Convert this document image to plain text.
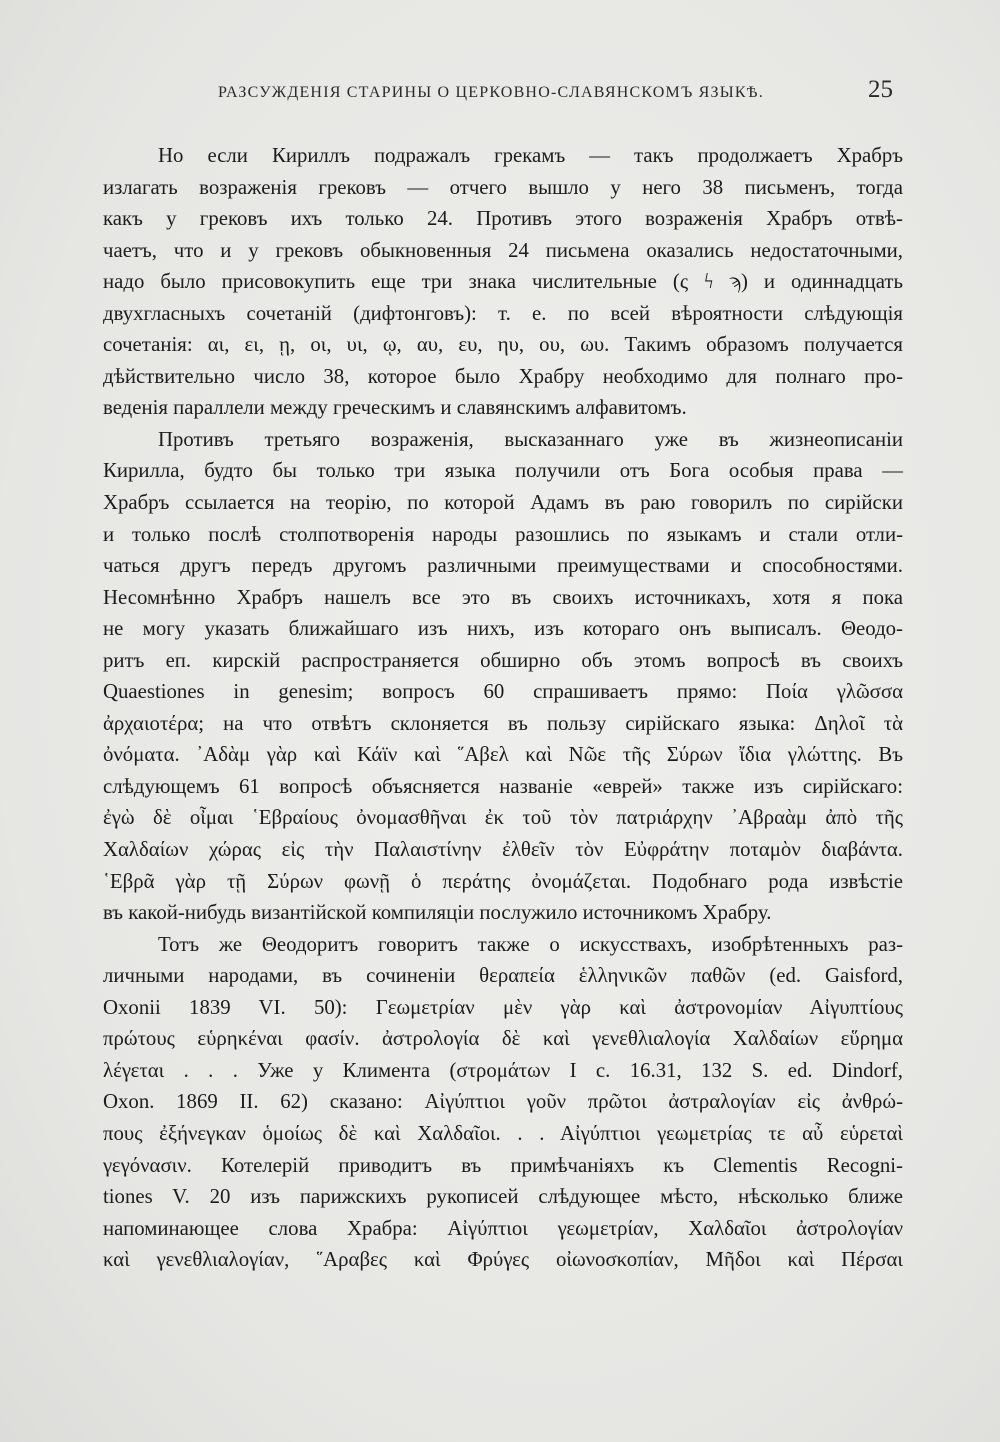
РАЗСУЖДЕНІЯ СТАРИНЫ О ЦЕРКОВНО-СЛАВЯНСКОМЪ ЯЗЫКѢ.	25
Но если Кириллъ подражалъ грекамъ — такъ продолжаетъ Храбръ
излагать возраженія грековъ — отчего вышло у него 38 письменъ, тогда
какъ у грековъ ихъ только 24. Противъ этого возраженія Храбръ отвѣ-
чаетъ, что и у грековъ обыкновенныя 24 письмена оказались недостаточными,
надо было присовокупить еще три знака числительные (ς ϟ ϡ) и одиннадцать
двухгласныхъ сочетаній (дифтонговъ): т. е. по всей вѣроятности слѣдующія
сочетанія: αι, ει, ῃ, οι, υι, ῳ, αυ, ευ, ηυ, ου, ωυ. Такимъ образомъ получается
дѣйствительно число 38, которое было Храбру необходимо для полнаго про-
веденія параллели между греческимъ и славянскимъ алфавитомъ.
Противъ третьяго возраженія, высказаннаго уже въ жизнеописаніи
Кирилла, будто бы только три языка получили отъ Бога особыя права —
Храбръ ссылается на теорію, по которой Адамъ въ раю говорилъ по сирійски
и только послѣ столпотворенія народы разошлись по языкамъ и стали отли-
чаться другъ передъ другомъ различными преимуществами и способностями.
Несомнѣнно Храбръ нашелъ все это въ своихъ источникахъ, хотя я пока
не могу указать ближайшаго изъ нихъ, изъ котораго онъ выписалъ. Θеодо-
ритъ еп. кирскій распространяется обширно объ этомъ вопросѣ въ своихъ
Quaestiones in genesim; вопросъ 60 спрашиваетъ прямо: Ποία γλῶσσα
ἀρχαιοτέρα; на что отвѣтъ склоняется въ пользу сирійскаго языка: Δηλοῖ τὰ
ὀνόματα. ᾿Αδὰμ γὰρ καὶ Κάϊν καὶ ῞Αβελ καὶ Νῶε τῆς Σύρων ἴδια γλώττης. Въ
слѣдующемъ 61 вопросѣ объясняется названіе «еврей» также изъ сирійскаго:
ἐγὼ δὲ οἶμαι ῾Εβραίους ὀνομασθῆναι ἐκ τοῦ τὸν πατριάρχην ᾿Αβραὰμ ἀπὸ τῆς
Χαλδαίων χώρας εἰς τὴν Παλαιστίνην ἐλθεῖν τὸν Εὐφράτην ποταμὸν διαβάντα.
῾Εβρᾶ γὰρ τῇ Σύρων φωνῇ ὁ περάτης ὀνομάζεται. Подобнаго рода извѣстіе
въ какой-нибудь византійской компиляціи послужило источникомъ Храбру.
Тотъ же Θеодоритъ говоритъ также о искусствахъ, изобрѣтенныхъ раз-
личными народами, въ сочиненіи θεραπεία ἑλληνικῶν παθῶν (ed. Gaisford,
Oxonii 1839 VI. 50): Γεωμετρίαν μὲν γὰρ καὶ ἀστρονομίαν Αἰγυπτίους
πρώτους εὑρηκέναι φασίν. ἀστρολογία δὲ καὶ γενεθλιαλογία Χαλδαίων εὕρημα
λέγεται . . . Уже у Климента (στρομάτων I c. 16.31, 132 S. ed. Dindorf,
Oxon. 1869 II. 62) сказано: Αἰγύπτιοι γοῦν πρῶτοι ἀστραλογίαν εἰς ἀνθρώ-
πους ἐξήνεγκαν ὁμοίως δὲ καὶ Χαλδαῖοι. . . Αἰγύπτιοι γεωμετρίας τε αὖ εὑρεταὶ
γεγόνασιν. Котелерій приводитъ въ примѣчаніяхъ къ Clementis Recogni-
tiones V. 20 изъ парижскихъ рукописей слѣдующее мѣсто, нѣсколько ближе
напоминающее слова Храбра: Αἰγύπτιοι γεωμετρίαν, Χαλδαῖοι ἀστρολογίαν
καὶ γενεθλιαλογίαν, ῞Αραβες καὶ Φρύγες οἰωνοσκοπίαν, Μῆδοι καὶ Πέρσαι
